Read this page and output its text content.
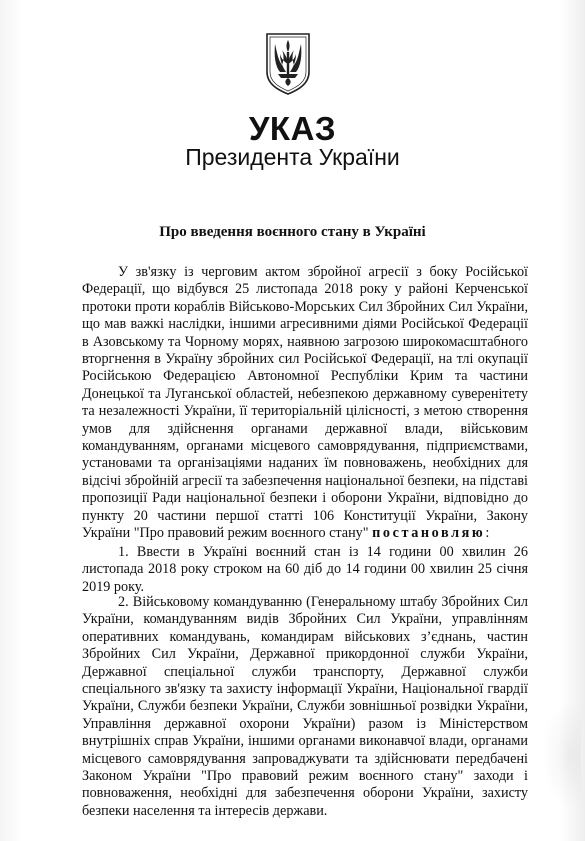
УКАЗ
Президента України
Про введення воєнного стану в Україні
У зв'язку із черговим актом збройної агресії з боку Російської Федерації, що відбувся 25 листопада 2018 року у районі Керченської протоки проти кораблів Військово-Морських Сил Збройних Сил України, що мав важкі наслідки, іншими агресивними діями Російської Федерації в Азовському та Чорному морях, наявною загрозою широкомасштабного вторгнення в Україну збройних сил Російської Федерації, на тлі окупації Російською Федерацією Автономної Республіки Крим та частини Донецької та Луганської областей, небезпекою державному суверенітету та незалежності України, її територіальній цілісності, з метою створення умов для здійснення органами державної влади, військовим командуванням, органами місцевого самоврядування, підприємствами, установами та організаціями наданих їм повноважень, необхідних для відсічі збройній агресії та забезпечення національної безпеки, на підставі пропозиції Ради національної безпеки і оборони України, відповідно до пункту 20 частини першої статті 106 Конституції України, Закону України "Про правовий режим воєнного стану" постановляю:
1. Ввести в Україні воєнний стан із 14 години 00 хвилин 26 листопада 2018 року строком на 60 діб до 14 години 00 хвилин 25 січня 2019 року.
2. Військовому командуванню (Генеральному штабу Збройних Сил України, командуванням видів Збройних Сил України, управлінням оперативних командувань, командирам військових з’єднань, частин Збройних Сил України, Державної прикордонної служби України, Державної спеціальної служби транспорту, Державної служби спеціального зв'язку та захисту інформації України, Національної гвардії України, Служби безпеки України, Служби зовнішньої розвідки України, Управління державної охорони України) разом із Міністерством внутрішніх справ України, іншими органами виконавчої влади, органами місцевого самоврядування запроваджувати та здійснювати передбачені Законом України "Про правовий режим воєнного стану" заходи і повноваження, необхідні для забезпечення оборони України, захисту безпеки населення та інтересів держави.
